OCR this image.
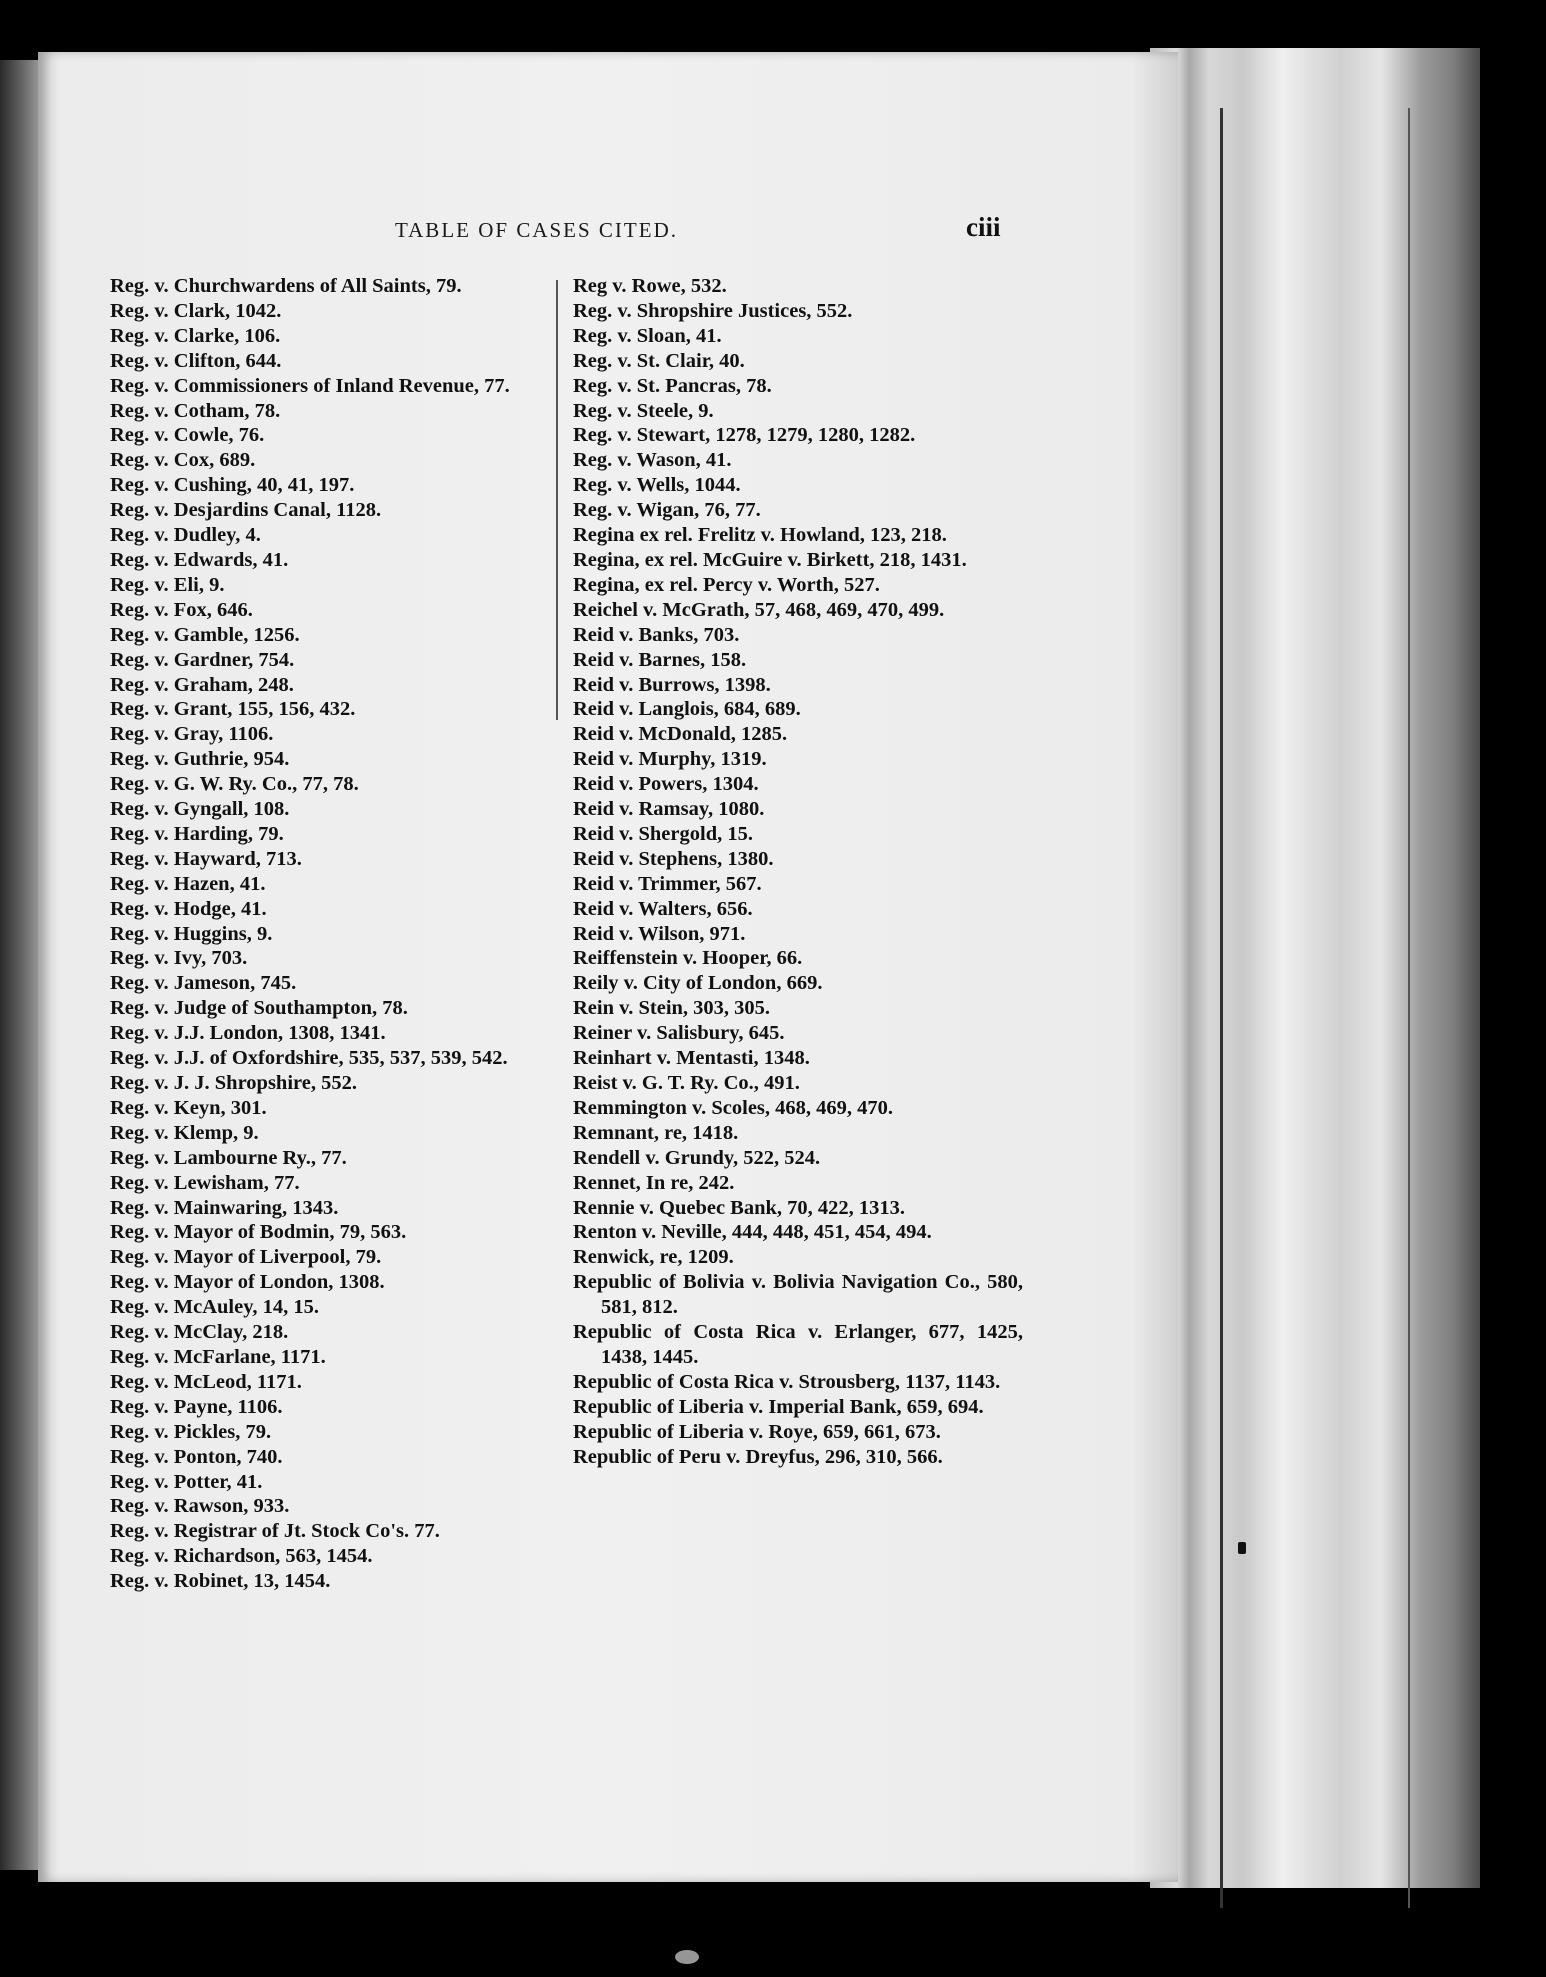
TABLE OF CASES CITED.	ciii
Reg. v. Churchwardens of All Saints, 79.
Reg. v. Clark, 1042.
Reg. v. Clarke, 106.
Reg. v. Clifton, 644.
Reg. v. Commissioners of Inland Revenue, 77.
Reg. v. Cotham, 78.
Reg. v. Cowle, 76.
Reg. v. Cox, 689.
Reg. v. Cushing, 40, 41, 197.
Reg. v. Desjardins Canal, 1128.
Reg. v. Dudley, 4.
Reg. v. Edwards, 41.
Reg. v. Eli, 9.
Reg. v. Fox, 646.
Reg. v. Gamble, 1256.
Reg. v. Gardner, 754.
Reg. v. Graham, 248.
Reg. v. Grant, 155, 156, 432.
Reg. v. Gray, 1106.
Reg. v. Guthrie, 954.
Reg. v. G. W. Ry. Co., 77, 78.
Reg. v. Gyngall, 108.
Reg. v. Harding, 79.
Reg. v. Hayward, 713.
Reg. v. Hazen, 41.
Reg. v. Hodge, 41.
Reg. v. Huggins, 9.
Reg. v. Ivy, 703.
Reg. v. Jameson, 745.
Reg. v. Judge of Southampton, 78.
Reg. v. J.J. London, 1308, 1341.
Reg. v. J.J. of Oxfordshire, 535, 537, 539, 542.
Reg. v. J. J. Shropshire, 552.
Reg. v. Keyn, 301.
Reg. v. Klemp, 9.
Reg. v. Lambourne Ry., 77.
Reg. v. Lewisham, 77.
Reg. v. Mainwaring, 1343.
Reg. v. Mayor of Bodmin, 79, 563.
Reg. v. Mayor of Liverpool, 79.
Reg. v. Mayor of London, 1308.
Reg. v. McAuley, 14, 15.
Reg. v. McClay, 218.
Reg. v. McFarlane, 1171.
Reg. v. McLeod, 1171.
Reg. v. Payne, 1106.
Reg. v. Pickles, 79.
Reg. v. Ponton, 740.
Reg. v. Potter, 41.
Reg. v. Rawson, 933.
Reg. v. Registrar of Jt. Stock Co's. 77.
Reg. v. Richardson, 563, 1454.
Reg. v. Robinet, 13, 1454.
Reg v. Rowe, 532.
Reg. v. Shropshire Justices, 552.
Reg. v. Sloan, 41.
Reg. v. St. Clair, 40.
Reg. v. St. Pancras, 78.
Reg. v. Steele, 9.
Reg. v. Stewart, 1278, 1279, 1280, 1282.
Reg. v. Wason, 41.
Reg. v. Wells, 1044.
Reg. v. Wigan, 76, 77.
Regina ex rel. Frelitz v. Howland, 123, 218.
Regina, ex rel. McGuire v. Birkett, 218, 1431.
Regina, ex rel. Percy v. Worth, 527.
Reichel v. McGrath, 57, 468, 469, 470, 499.
Reid v. Banks, 703.
Reid v. Barnes, 158.
Reid v. Burrows, 1398.
Reid v. Langlois, 684, 689.
Reid v. McDonald, 1285.
Reid v. Murphy, 1319.
Reid v. Powers, 1304.
Reid v. Ramsay, 1080.
Reid v. Shergold, 15.
Reid v. Stephens, 1380.
Reid v. Trimmer, 567.
Reid v. Walters, 656.
Reid v. Wilson, 971.
Reiffenstein v. Hooper, 66.
Reily v. City of London, 669.
Rein v. Stein, 303, 305.
Reiner v. Salisbury, 645.
Reinhart v. Mentasti, 1348.
Reist v. G. T. Ry. Co., 491.
Remmington v. Scoles, 468, 469, 470.
Remnant, re, 1418.
Rendell v. Grundy, 522, 524.
Rennet, In re, 242.
Rennie v. Quebec Bank, 70, 422, 1313.
Renton v. Neville, 444, 448, 451, 454, 494.
Renwick, re, 1209.
Republic of Bolivia v. Bolivia Navigation Co., 580, 581, 812.
Republic of Costa Rica v. Erlanger, 677, 1425, 1438, 1445.
Republic of Costa Rica v. Strousberg, 1137, 1143.
Republic of Liberia v. Imperial Bank, 659, 694.
Republic of Liberia v. Roye, 659, 661, 673.
Republic of Peru v. Dreyfus, 296, 310, 566.
